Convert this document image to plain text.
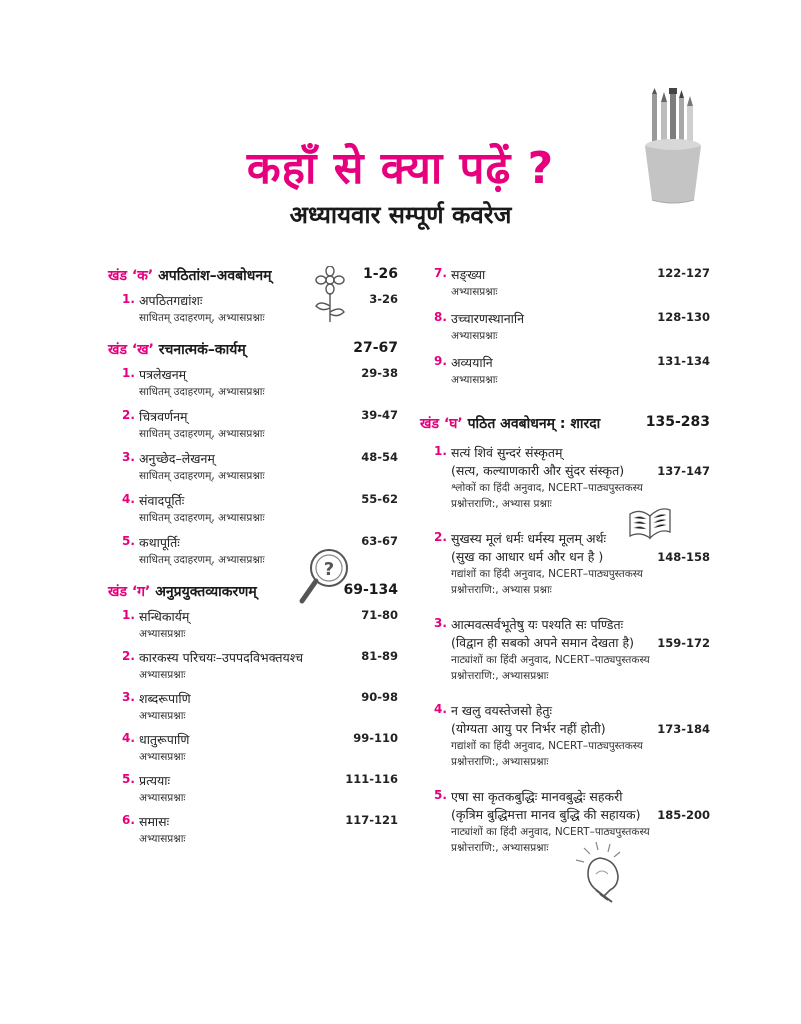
कहाँ से क्या पढ़ें ?
अध्यायवार सम्पूर्ण कवरेज
खंड ‘क’ अपठितांश–अवबोधनम्	1-26
1. अपठितगद्यांशः	3-26
साधितम् उदाहरणम्, अभ्यासप्रश्नाः
खंड ‘ख’ रचनात्मकं–कार्यम्	27-67
1. पत्रलेखनम्	29-38
साधितम् उदाहरणम्, अभ्यासप्रश्नाः
2. चित्रवर्णनम्	39-47
साधितम् उदाहरणम्, अभ्यासप्रश्नाः
3. अनुच्छेद–लेखनम्	48-54
साधितम् उदाहरणम्, अभ्यासप्रश्नाः
4. संवादपूर्तिः	55-62
साधितम् उदाहरणम्, अभ्यासप्रश्नाः
5. कथापूर्तिः	63-67
साधितम् उदाहरणम्, अभ्यासप्रश्नाः
खंड ‘ग’ अनुप्रयुक्तव्याकरणम्	69-134
1. सन्धिकार्यम्	71-80
अभ्यासप्रश्नाः
2. कारकस्य परिचयः–उपपदविभक्तयश्च	81-89
अभ्यासप्रश्नाः
3. शब्दरूपाणि	90-98
अभ्यासप्रश्नाः
4. धातुरूपाणि	99-110
अभ्यासप्रश्नाः
5. प्रत्ययाः	111-116
अभ्यासप्रश्नाः
6. समासः	117-121
अभ्यासप्रश्नाः
7. सङ्ख्या	122-127
अभ्यासप्रश्नाः
8. उच्चारणस्थानानि	128-130
अभ्यासप्रश्नाः
9. अव्ययानि	131-134
अभ्यासप्रश्नाः
खंड ‘घ’ पठित अवबोधनम् : शारदा	135-283
1. सत्यं शिवं सुन्दरं संस्कृतम्
(सत्य, कल्याणकारी और सुंदर संस्कृत)	137-147
श्लोकों का हिंदी अनुवाद, NCERT–पाठ्यपुस्तकस्य
प्रश्नोत्तराणि:, अभ्यास प्रश्नाः
2. सुखस्य मूलं धर्मः धर्मस्य मूलम् अर्थः
(सुख का आधार धर्म और धन है )	148-158
गद्यांशों का हिंदी अनुवाद, NCERT–पाठ्यपुस्तकस्य
प्रश्नोत्तराणि:, अभ्यास प्रश्नाः
3. आत्मवत्सर्वभूतेषु यः पश्यति सः पण्डितः
(विद्वान ही सबको अपने समान देखता है)	159-172
नाट्यांशों का हिंदी अनुवाद, NCERT–पाठ्यपुस्तकस्य
प्रश्नोत्तराणि:, अभ्यासप्रश्नाः
4. न खलु वयस्तेजसो हेतुः
(योग्यता आयु पर निर्भर नहीं होती)	173-184
गद्यांशों का हिंदी अनुवाद, NCERT–पाठ्यपुस्तकस्य
प्रश्नोत्तराणि:, अभ्यासप्रश्नाः
5. एषा सा कृतकबुद्धिः मानवबुद्धेः सहकरी
(कृत्रिम बुद्धिमत्ता मानव बुद्धि की सहायक)	185-200
नाट्यांशों का हिंदी अनुवाद, NCERT–पाठ्यपुस्तकस्य
प्रश्नोत्तराणि:, अभ्यासप्रश्नाः
?
